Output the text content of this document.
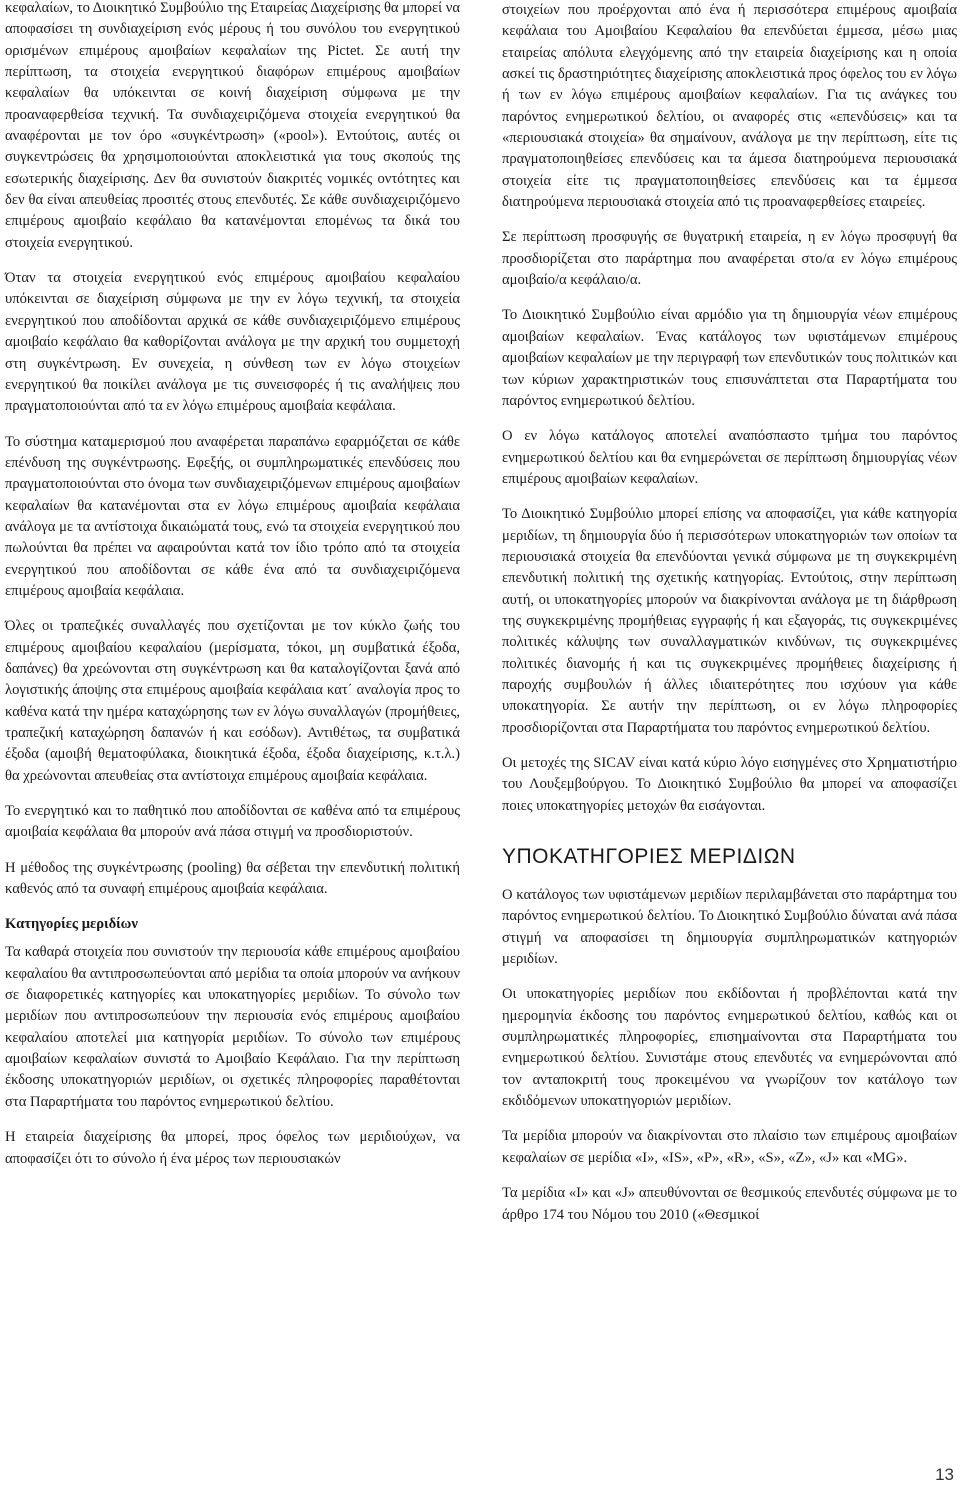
κεφαλαίων, το Διοικητικό Συμβούλιο της Εταιρείας Διαχείρισης θα μπορεί να αποφασίσει τη συνδιαχείριση ενός μέρους ή του συνόλου του ενεργητικού ορισμένων επιμέρους αμοιβαίων κεφαλαίων της Pictet. Σε αυτή την περίπτωση, τα στοιχεία ενεργητικού διαφόρων επιμέρους αμοιβαίων κεφαλαίων θα υπόκεινται σε κοινή διαχείριση σύμφωνα με την προαναφερθείσα τεχνική. Τα συνδιαχειριζόμενα στοιχεία ενεργητικού θα αναφέρονται με τον όρο «συγκέντρωση» («pool»). Εντούτοις, αυτές οι συγκεντρώσεις θα χρησιμοποιούνται αποκλειστικά για τους σκοπούς της εσωτερικής διαχείρισης. Δεν θα συνιστούν διακριτές νομικές οντότητες και δεν θα είναι απευθείας προσιτές στους επενδυτές. Σε κάθε συνδιαχειριζόμενο επιμέρους αμοιβαίο κεφάλαιο θα κατανέμονται επομένως τα δικά του στοιχεία ενεργητικού.

Όταν τα στοιχεία ενεργητικού ενός επιμέρους αμοιβαίου κεφαλαίου υπόκεινται σε διαχείριση σύμφωνα με την εν λόγω τεχνική, τα στοιχεία ενεργητικού που αποδίδονται αρχικά σε κάθε συνδιαχειριζόμενο επιμέρους αμοιβαίο κεφάλαιο θα καθορίζονται ανάλογα με την αρχική του συμμετοχή στη συγκέντρωση. Εν συνεχεία, η σύνθεση των εν λόγω στοιχείων ενεργητικού θα ποικίλει ανάλογα με τις συνεισφορές ή τις αναλήψεις που πραγματοποιούνται από τα εν λόγω επιμέρους αμοιβαία κεφάλαια.

Το σύστημα καταμερισμού που αναφέρεται παραπάνω εφαρμόζεται σε κάθε επένδυση της συγκέντρωσης. Εφεξής, οι συμπληρωματικές επενδύσεις που πραγματοποιούνται στο όνομα των συνδιαχειριζόμενων επιμέρους αμοιβαίων κεφαλαίων θα κατανέμονται στα εν λόγω επιμέρους αμοιβαία κεφάλαια ανάλογα με τα αντίστοιχα δικαιώματά τους, ενώ τα στοιχεία ενεργητικού που πωλούνται θα πρέπει να αφαιρούνται κατά τον ίδιο τρόπο από τα στοιχεία ενεργητικού που αποδίδονται σε κάθε ένα από τα συνδιαχειριζόμενα επιμέρους αμοιβαία κεφάλαια.

Όλες οι τραπεζικές συναλλαγές που σχετίζονται με τον κύκλο ζωής του επιμέρους αμοιβαίου κεφαλαίου (μερίσματα, τόκοι, μη συμβατικά έξοδα, δαπάνες) θα χρεώνονται στη συγκέντρωση και θα καταλογίζονται ξανά από λογιστικής άποψης στα επιμέρους αμοιβαία κεφάλαια κατ΄ αναλογία προς το καθένα κατά την ημέρα καταχώρησης των εν λόγω συναλλαγών (προμήθειες, τραπεζική καταχώρηση δαπανών ή και εσόδων). Αντιθέτως, τα συμβατικά έξοδα (αμοιβή θεματοφύλακα, διοικητικά έξοδα, έξοδα διαχείρισης, κ.τ.λ.) θα χρεώνονται απευθείας στα αντίστοιχα επιμέρους αμοιβαία κεφάλαια.

Το ενεργητικό και το παθητικό που αποδίδονται σε καθένα από τα επιμέρους αμοιβαία κεφάλαια θα μπορούν ανά πάσα στιγμή να προσδιοριστούν.

Η μέθοδος της συγκέντρωσης (pooling) θα σέβεται την επενδυτική πολιτική καθενός από τα συναφή επιμέρους αμοιβαία κεφάλαια.

Κατηγορίες μεριδίων

Τα καθαρά στοιχεία που συνιστούν την περιουσία κάθε επιμέρους αμοιβαίου κεφαλαίου θα αντιπροσωπεύονται από μερίδια τα οποία μπορούν να ανήκουν σε διαφορετικές κατηγορίες και υποκατηγορίες μεριδίων. Το σύνολο των μεριδίων που αντιπροσωπεύουν την περιουσία ενός επιμέρους αμοιβαίου κεφαλαίου αποτελεί μια κατηγορία μεριδίων. Το σύνολο των επιμέρους αμοιβαίων κεφαλαίων συνιστά το Αμοιβαίο Κεφάλαιο. Για την περίπτωση έκδοσης υποκατηγοριών μεριδίων, οι σχετικές πληροφορίες παραθέτονται στα Παραρτήματα του παρόντος ενημερωτικού δελτίου.

Η εταιρεία διαχείρισης θα μπορεί, προς όφελος των μεριδιούχων, να αποφασίζει ότι το σύνολο ή ένα μέρος των περιουσιακών

στοιχείων που προέρχονται από ένα ή περισσότερα επιμέρους αμοιβαία κεφάλαια του Αμοιβαίου Κεφαλαίου θα επενδύεται έμμεσα, μέσω μιας εταιρείας απόλυτα ελεγχόμενης από την εταιρεία διαχείρισης και η οποία ασκεί τις δραστηριότητες διαχείρισης αποκλειστικά προς όφελος του εν λόγω ή των εν λόγω επιμέρους αμοιβαίων κεφαλαίων. Για τις ανάγκες του παρόντος ενημερωτικού δελτίου, οι αναφορές στις «επενδύσεις» και τα «περιουσιακά στοιχεία» θα σημαίνουν, ανάλογα με την περίπτωση, είτε τις πραγματοποιηθείσες επενδύσεις και τα άμεσα διατηρούμενα περιουσιακά στοιχεία είτε τις πραγματοποιηθείσες επενδύσεις και τα έμμεσα διατηρούμενα περιουσιακά στοιχεία από τις προαναφερθείσες εταιρείες.

Σε περίπτωση προσφυγής σε θυγατρική εταιρεία, η εν λόγω προσφυγή θα προσδιορίζεται στο παράρτημα που αναφέρεται στο/α εν λόγω επιμέρους αμοιβαίο/α κεφάλαιο/α.

Το Διοικητικό Συμβούλιο είναι αρμόδιο για τη δημιουργία νέων επιμέρους αμοιβαίων κεφαλαίων. Ένας κατάλογος των υφιστάμενων επιμέρους αμοιβαίων κεφαλαίων με την περιγραφή των επενδυτικών τους πολιτικών και των κύριων χαρακτηριστικών τους επισυνάπτεται στα Παραρτήματα του παρόντος ενημερωτικού δελτίου.

Ο εν λόγω κατάλογος αποτελεί αναπόσπαστο τμήμα του παρόντος ενημερωτικού δελτίου και θα ενημερώνεται σε περίπτωση δημιουργίας νέων επιμέρους αμοιβαίων κεφαλαίων.

Το Διοικητικό Συμβούλιο μπορεί επίσης να αποφασίζει, για κάθε κατηγορία μεριδίων, τη δημιουργία δύο ή περισσότερων υποκατηγοριών των οποίων τα περιουσιακά στοιχεία θα επενδύονται γενικά σύμφωνα με τη συγκεκριμένη επενδυτική πολιτική της σχετικής κατηγορίας. Εντούτοις, στην περίπτωση αυτή, οι υποκατηγορίες μπορούν να διακρίνονται ανάλογα με τη διάρθρωση της συγκεκριμένης προμήθειας εγγραφής ή και εξαγοράς, τις συγκεκριμένες πολιτικές κάλυψης των συναλλαγματικών κινδύνων, τις συγκεκριμένες πολιτικές διανομής ή και τις συγκεκριμένες προμήθειες διαχείρισης ή παροχής συμβουλών ή άλλες ιδιαιτερότητες που ισχύουν για κάθε υποκατηγορία. Σε αυτήν την περίπτωση, οι εν λόγω πληροφορίες προσδιορίζονται στα Παραρτήματα του παρόντος ενημερωτικού δελτίου.

Οι μετοχές της SICAV είναι κατά κύριο λόγο εισηγμένες στο Χρηματιστήριο του Λουξεμβούργου. Το Διοικητικό Συμβούλιο θα μπορεί να αποφασίζει ποιες υποκατηγορίες μετοχών θα εισάγονται.

ΥΠΟΚΑΤΗΓΟΡΙΕΣ ΜΕΡΙΔΙΩΝ

Ο κατάλογος των υφιστάμενων μεριδίων περιλαμβάνεται στο παράρτημα του παρόντος ενημερωτικού δελτίου. Το Διοικητικό Συμβούλιο δύναται ανά πάσα στιγμή να αποφασίσει τη δημιουργία συμπληρωματικών κατηγοριών μεριδίων.

Οι υποκατηγορίες μεριδίων που εκδίδονται ή προβλέπονται κατά την ημερομηνία έκδοσης του παρόντος ενημερωτικού δελτίου, καθώς και οι συμπληρωματικές πληροφορίες, επισημαίνονται στα Παραρτήματα του ενημερωτικού δελτίου. Συνιστάμε στους επενδυτές να ενημερώνονται από τον ανταποκριτή τους προκειμένου να γνωρίζουν τον κατάλογο των εκδιδόμενων υποκατηγοριών μεριδίων.

Τα μερίδια μπορούν να διακρίνονται στο πλαίσιο των επιμέρους αμοιβαίων κεφαλαίων σε μερίδια «I», «IS», «P», «R», «S», «Z», «J» και «MG».

Τα μερίδια «I» και «J» απευθύνονται σε θεσμικούς επενδυτές σύμφωνα με το άρθρο 174 του Νόμου του 2010 («Θεσμικοί

13
